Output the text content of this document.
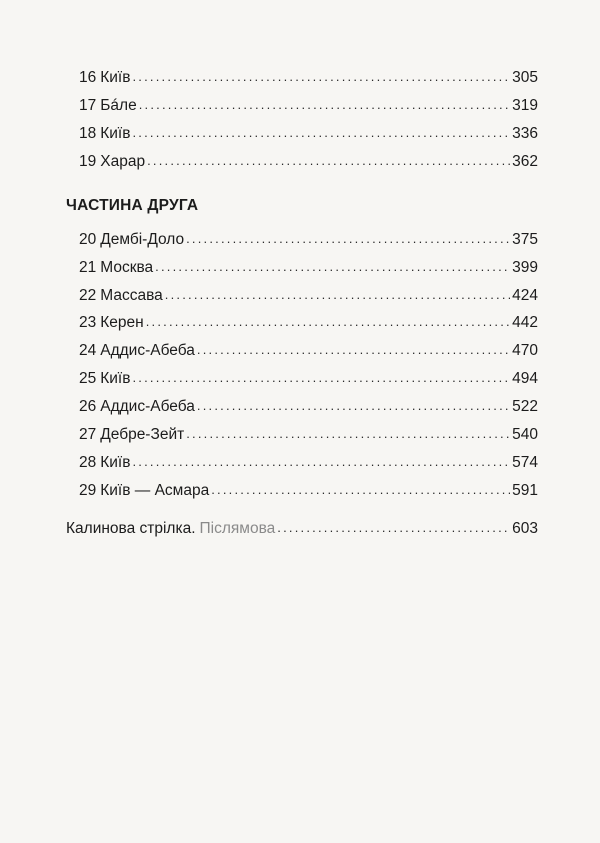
16 Київ .....	305
17 Бáле .....	319
18 Київ .....	336
19 Харар .....	362
ЧАСТИНА ДРУГА
20 Дембі-Доло .....	375
21 Москва .....	399
22 Массава .....	424
23 Керен .....	442
24 Аддис-Абеба .....	470
25 Київ .....	494
26 Аддис-Абеба .....	522
27 Дебре-Зейт .....	540
28 Київ .....	574
29 Київ — Асмара .....	591
Калинова стрілка. Післямова .....	603
